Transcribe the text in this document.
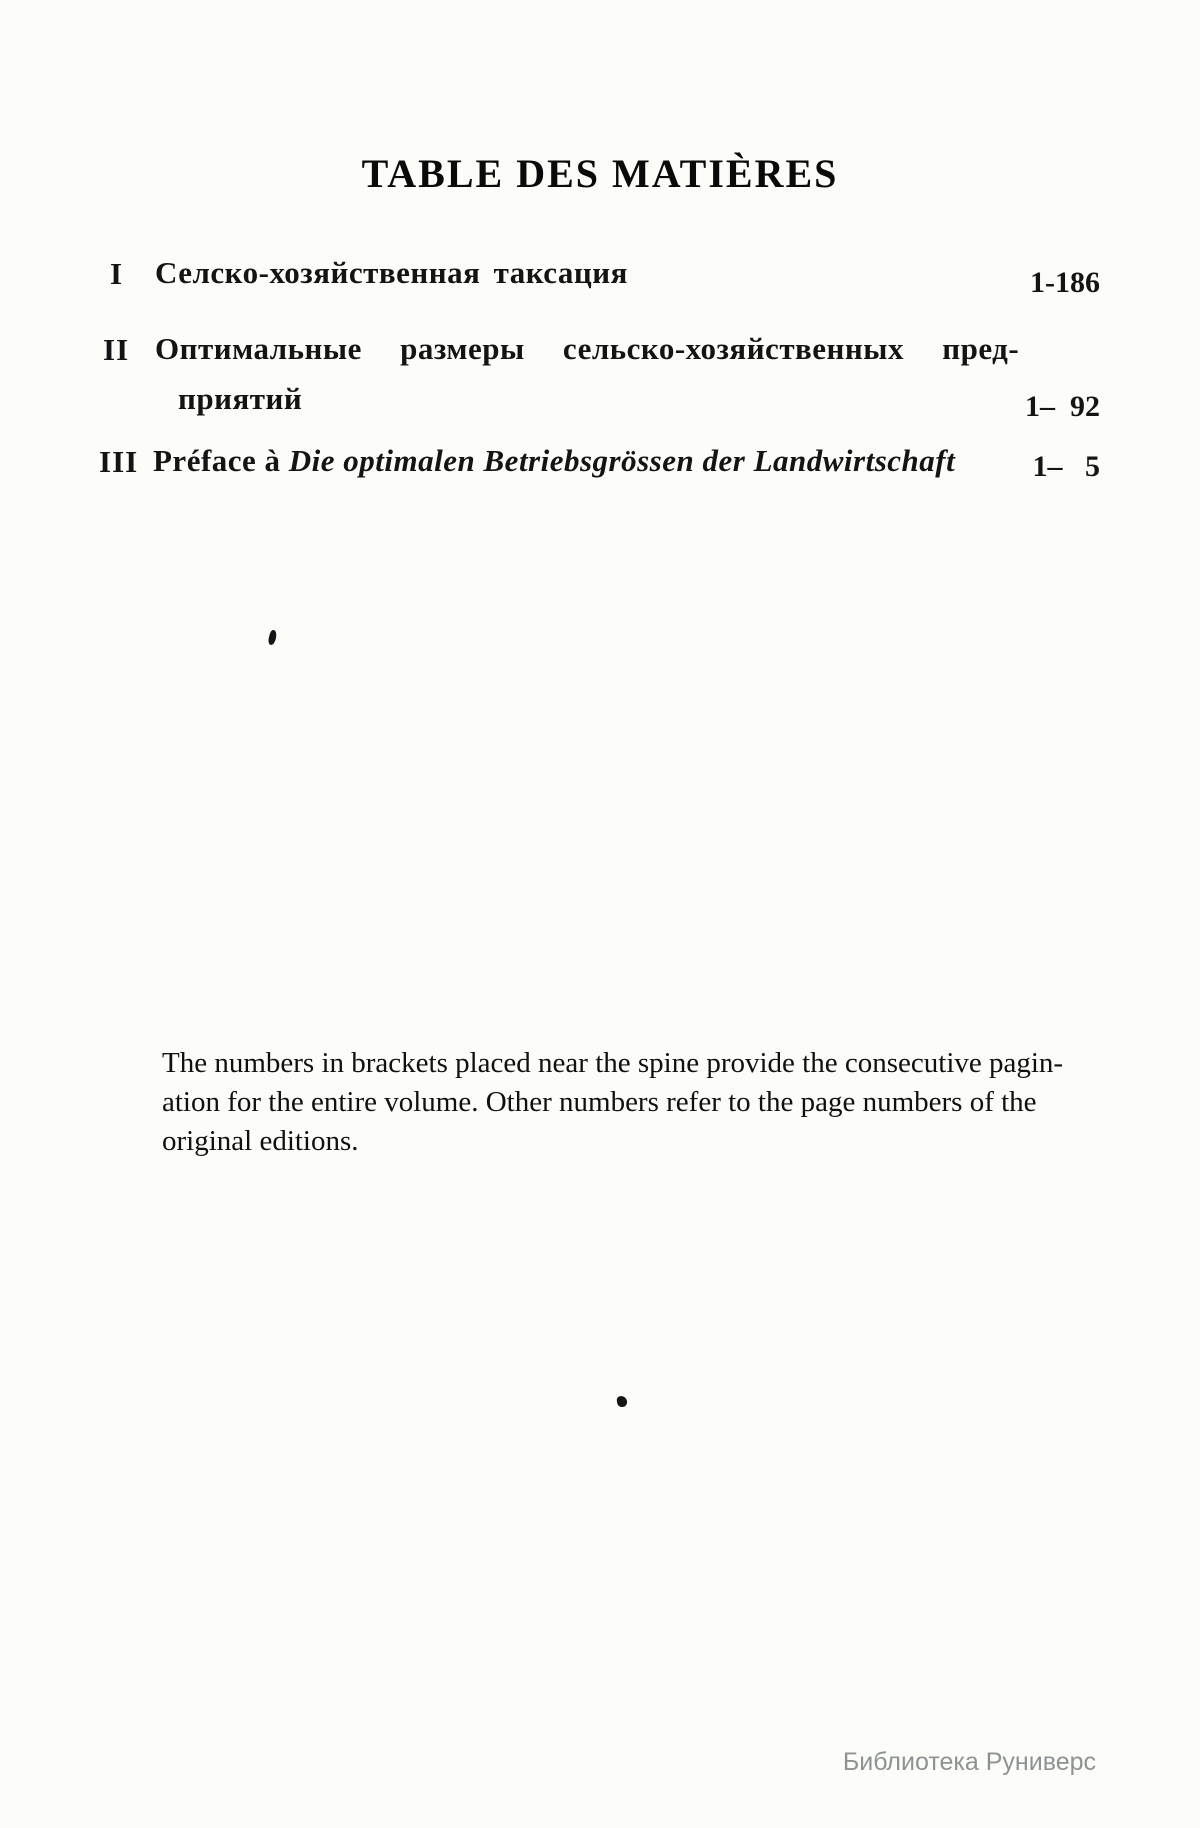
TABLE DES MATIÈRES
I Селско-хозяйственная таксация	1-186
II Оптимальные размеры сельско-хозяйственных пред-
приятий	1–  92
III Préface à Die optimalen Betriebsgrössen der Landwirtschaft	1–   5
The numbers in brackets placed near the spine provide the consecutive pagin-
ation for the entire volume. Other numbers refer to the page numbers of the
original editions.
Библиотека Руниверс
